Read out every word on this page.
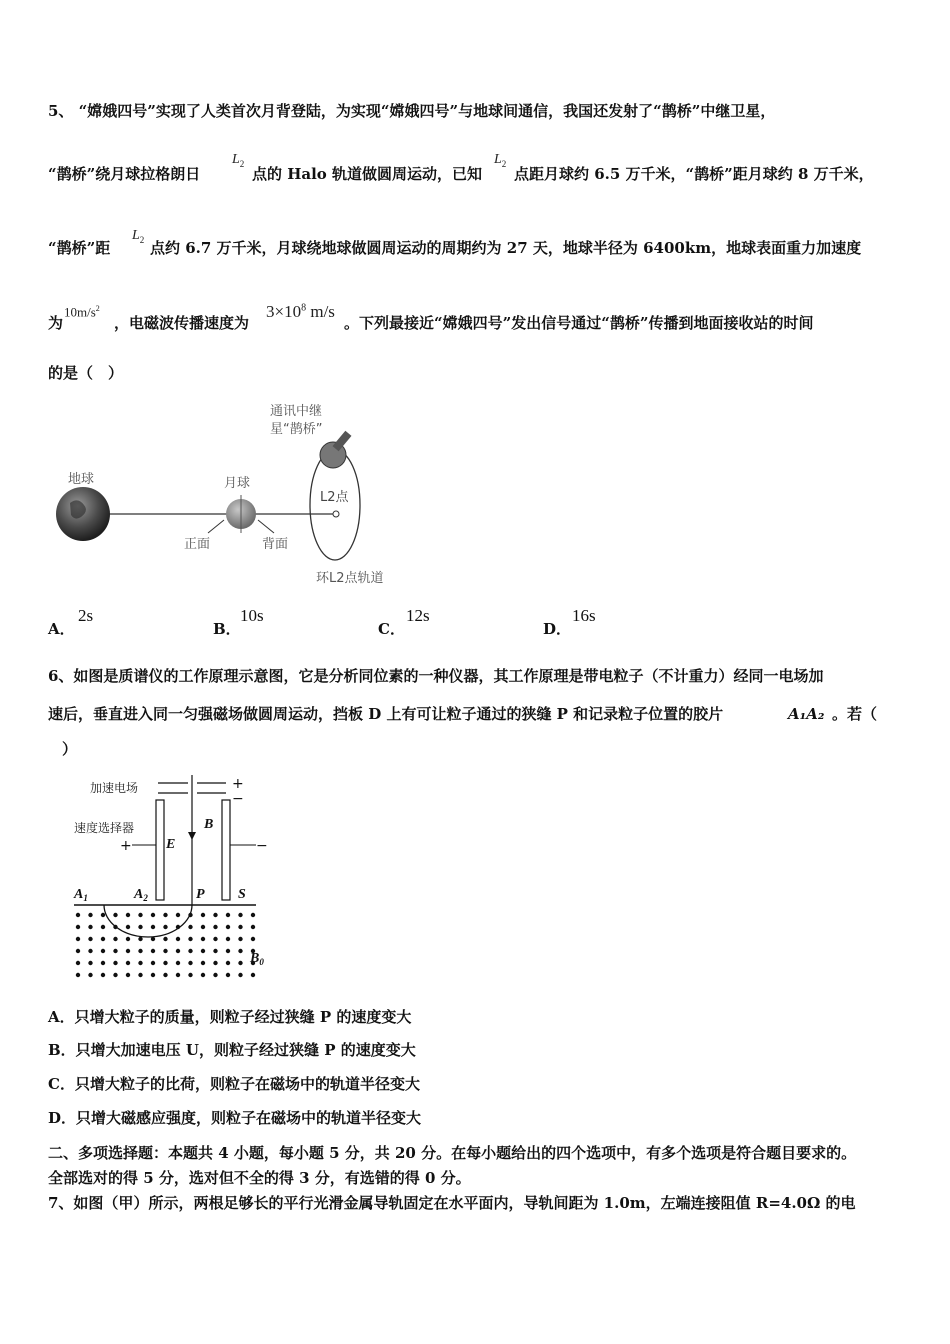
5、 “嫦娥四号”实现了人类首次月背登陆，为实现“嫦娥四号”与地球间通信，我国还发射了“鹊桥”中继卫星，
“鹊桥”绕月球拉格朗日
$L_2$
点的 Halo 轨道做圆周运动，已知
$L_2$
点距月球约 6.5 万千米，“鹊桥”距月球约 8 万千米，
“鹊桥”距
$L_2$ 点约 6.7 万千米，月球绕地球做圆周运动的周期约为 27 天，地球半径为 6400km，地球表面重力加速度
为
$10m/s^2$
，电磁波传播速度为
$3\times 10^8$ m/s
。下列最接近“嫦娥四号”发出信号通过“鹊桥”传播到地面接收站的时间
的是（　）
地球	月球
正面	背面
L2点
通讯中继
星“鹊桥”
环L2点轨道
A．
2s
B．
10s
C．
12s
D．
16s
6、如图是质谱仪的工作原理示意图，它是分析同位素的一种仪器，其工作原理是带电粒子（不计重力）经同一电场加
速后，垂直进入同一匀强磁场做圆周运动，挡板 D 上有可让粒子通过的狭缝 P 和记录粒子位置的胶片	A₁A₂ 。若（
）
加速电场	+
−
速度选择器
+	−
E
B
$A_1$	$A_2$	P S
$B_0$
A．只增大粒子的质量，则粒子经过狭缝 P 的速度变大
B．只增大加速电压 U，则粒子经过狭缝 P 的速度变大
C．只增大粒子的比荷，则粒子在磁场中的轨道半径变大
D．只增大磁感应强度，则粒子在磁场中的轨道半径变大
二、多项选择题：本题共 4 小题，每小题 5 分，共 20 分。在每小题给出的四个选项中，有多个选项是符合题目要求的。
全部选对的得 5 分，选对但不全的得 3 分，有选错的得 0 分。
7、如图（甲）所示，两根足够长的平行光滑金属导轨固定在水平面内，导轨间距为 1.0m，左端连接阻值 R=4.0Ω 的电
